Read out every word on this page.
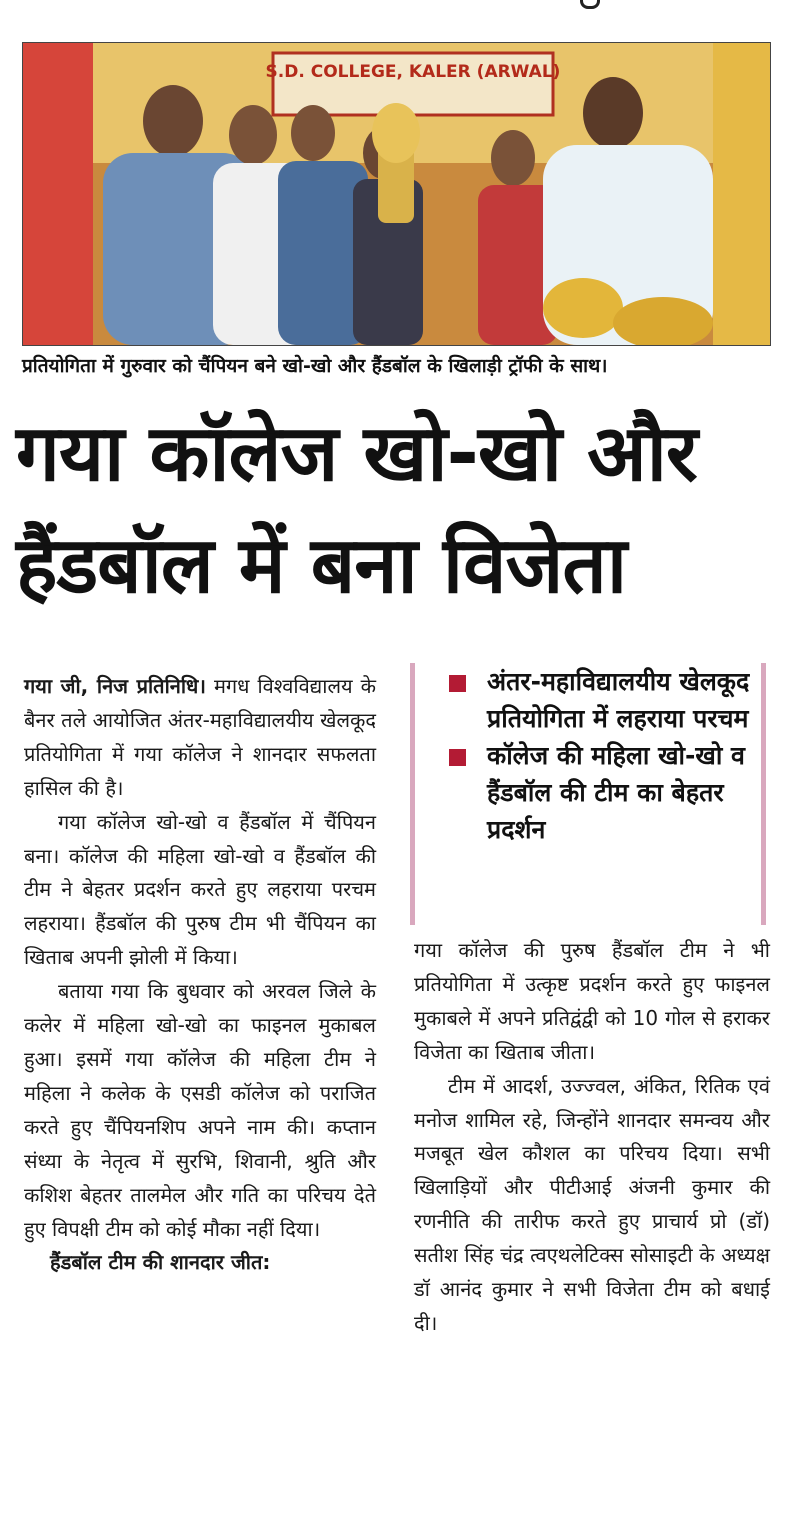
S.D. COLLEGE, KALER (ARWAL)
प्रतियोगिता में गुरुवार को चैंपियन बने खो-खो और हैंडबॉल के खिलाड़ी ट्रॉफी के साथ।
गया कॉलेज खो-खो और
हैंडबॉल में बना विजेता

गया जी, निज प्रतिनिधि। मगध विश्वविद्यालय के बैनर तले आयोजित अंतर-महाविद्यालयीय खेलकूद प्रतियोगिता में गया कॉलेज ने शानदार सफलता हासिल की है।

गया कॉलेज खो-खो व हैंडबॉल में चैंपियन बना। कॉलेज की महिला खो-खो व हैंडबॉल की टीम ने बेहतर प्रदर्शन करते हुए लहराया परचम लहराया। हैंडबॉल की पुरुष टीम भी चैंपियन का खिताब अपनी झोली में किया।

बताया गया कि बुधवार को अरवल जिले के कलेर में महिला खो-खो का फाइनल मुकाबल हुआ। इसमें गया कॉलेज की महिला टीम ने महिला ने कलेक के एसडी कॉलेज को पराजित करते हुए चैंपियनशिप अपने नाम की। कप्तान संध्या के नेतृत्व में सुरभि, शिवानी, श्रुति और कशिश बेहतर तालमेल और गति का परिचय देते हुए विपक्षी टीम को कोई मौका नहीं दिया।

हैंडबॉल टीम की शानदार जीत:

अंतर-महाविद्यालयीय खेलकूद प्रतियोगिता में लहराया परचम
कॉलेज की महिला खो-खो व हैंडबॉल की टीम का बेहतर प्रदर्शन

गया कॉलेज की पुरुष हैंडबॉल टीम ने भी प्रतियोगिता में उत्कृष्ट प्रदर्शन करते हुए फाइनल मुकाबले में अपने प्रतिद्वंद्वी को 10 गोल से हराकर विजेता का खिताब जीता।

टीम में आदर्श, उज्ज्वल, अंकित, रितिक एवं मनोज शामिल रहे, जिन्होंने शानदार समन्वय और मजबूत खेल कौशल का परिचय दिया। सभी खिलाड़ियों और पीटीआई अंजनी कुमार की रणनीति की तारीफ करते हुए प्राचार्य प्रो (डॉ) सतीश सिंह चंद्र त्वएथलेटिक्स सोसाइटी के अध्यक्ष डॉ आनंद कुमार ने सभी विजेता टीम को बधाई दी।
